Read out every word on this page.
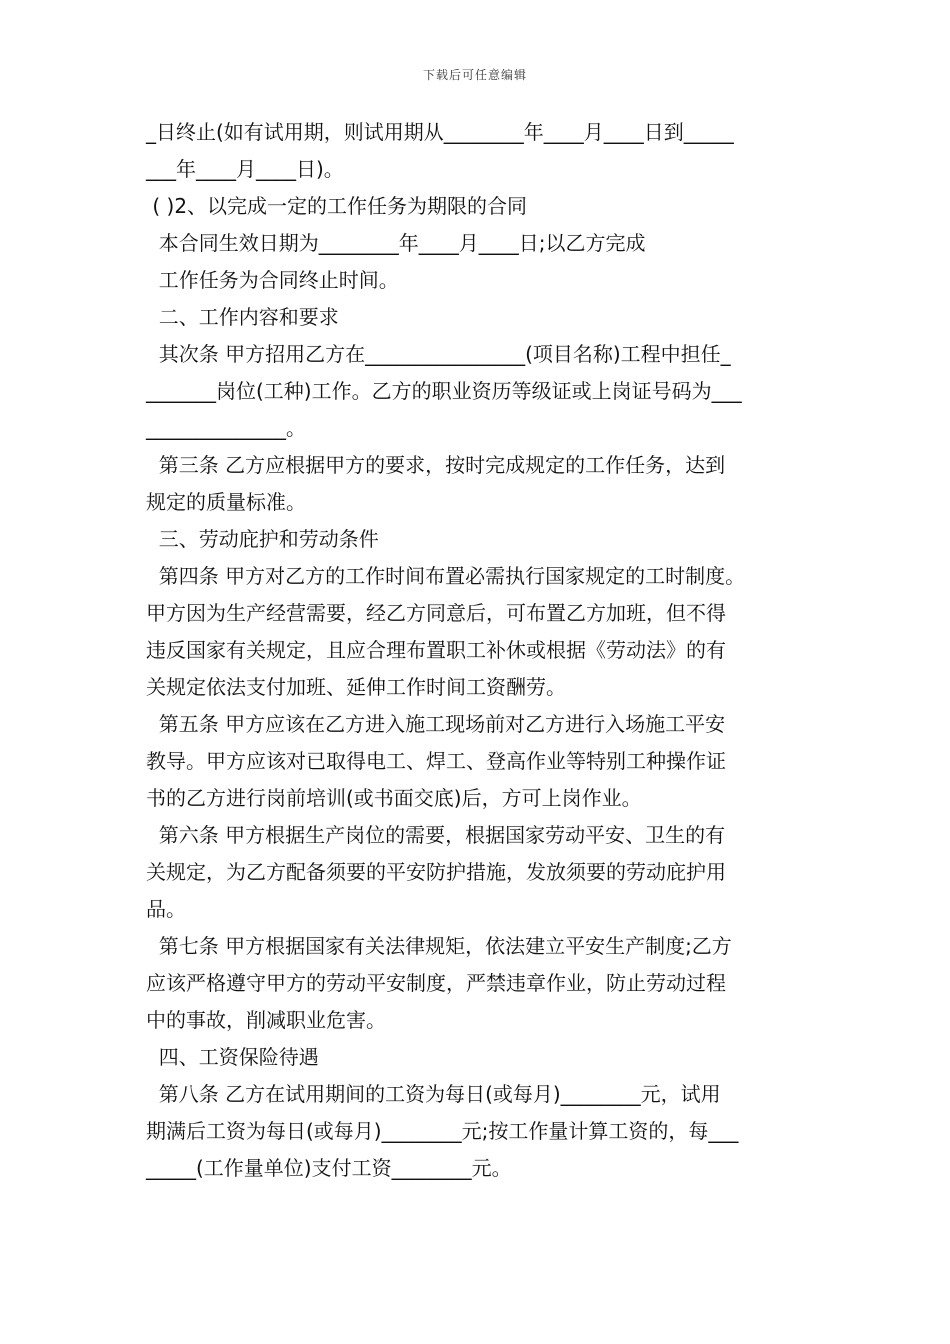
下载后可任意编辑
_日终止(如有试用期，则试用期从________年____月____日到_____
___年____月____日)。
( )2、以完成一定的工作任务为期限的合同
本合同生效日期为________年____月____日;以乙方完成
工作任务为合同终止时间。
二、工作内容和要求
其次条 甲方招用乙方在________________(项目名称)工程中担任_
_______岗位(工种)工作。乙方的职业资历等级证或上岗证号码为___
______________。
第三条 乙方应根据甲方的要求，按时完成规定的工作任务，达到
规定的质量标准。
三、劳动庇护和劳动条件
第四条 甲方对乙方的工作时间布置必需执行国家规定的工时制度。
甲方因为生产经营需要，经乙方同意后，可布置乙方加班，但不得
违反国家有关规定，且应合理布置职工补休或根据《劳动法》的有
关规定依法支付加班、延伸工作时间工资酬劳。
第五条 甲方应该在乙方进入施工现场前对乙方进行入场施工平安
教导。甲方应该对已取得电工、焊工、登高作业等特别工种操作证
书的乙方进行岗前培训(或书面交底)后，方可上岗作业。
第六条 甲方根据生产岗位的需要，根据国家劳动平安、卫生的有
关规定，为乙方配备须要的平安防护措施，发放须要的劳动庇护用
品。
第七条 甲方根据国家有关法律规矩，依法建立平安生产制度;乙方
应该严格遵守甲方的劳动平安制度，严禁违章作业，防止劳动过程
中的事故，削减职业危害。
四、工资保险待遇
第八条 乙方在试用期间的工资为每日(或每月)________元，试用
期满后工资为每日(或每月)________元;按工作量计算工资的，每___
_____(工作量单位)支付工资________元。
